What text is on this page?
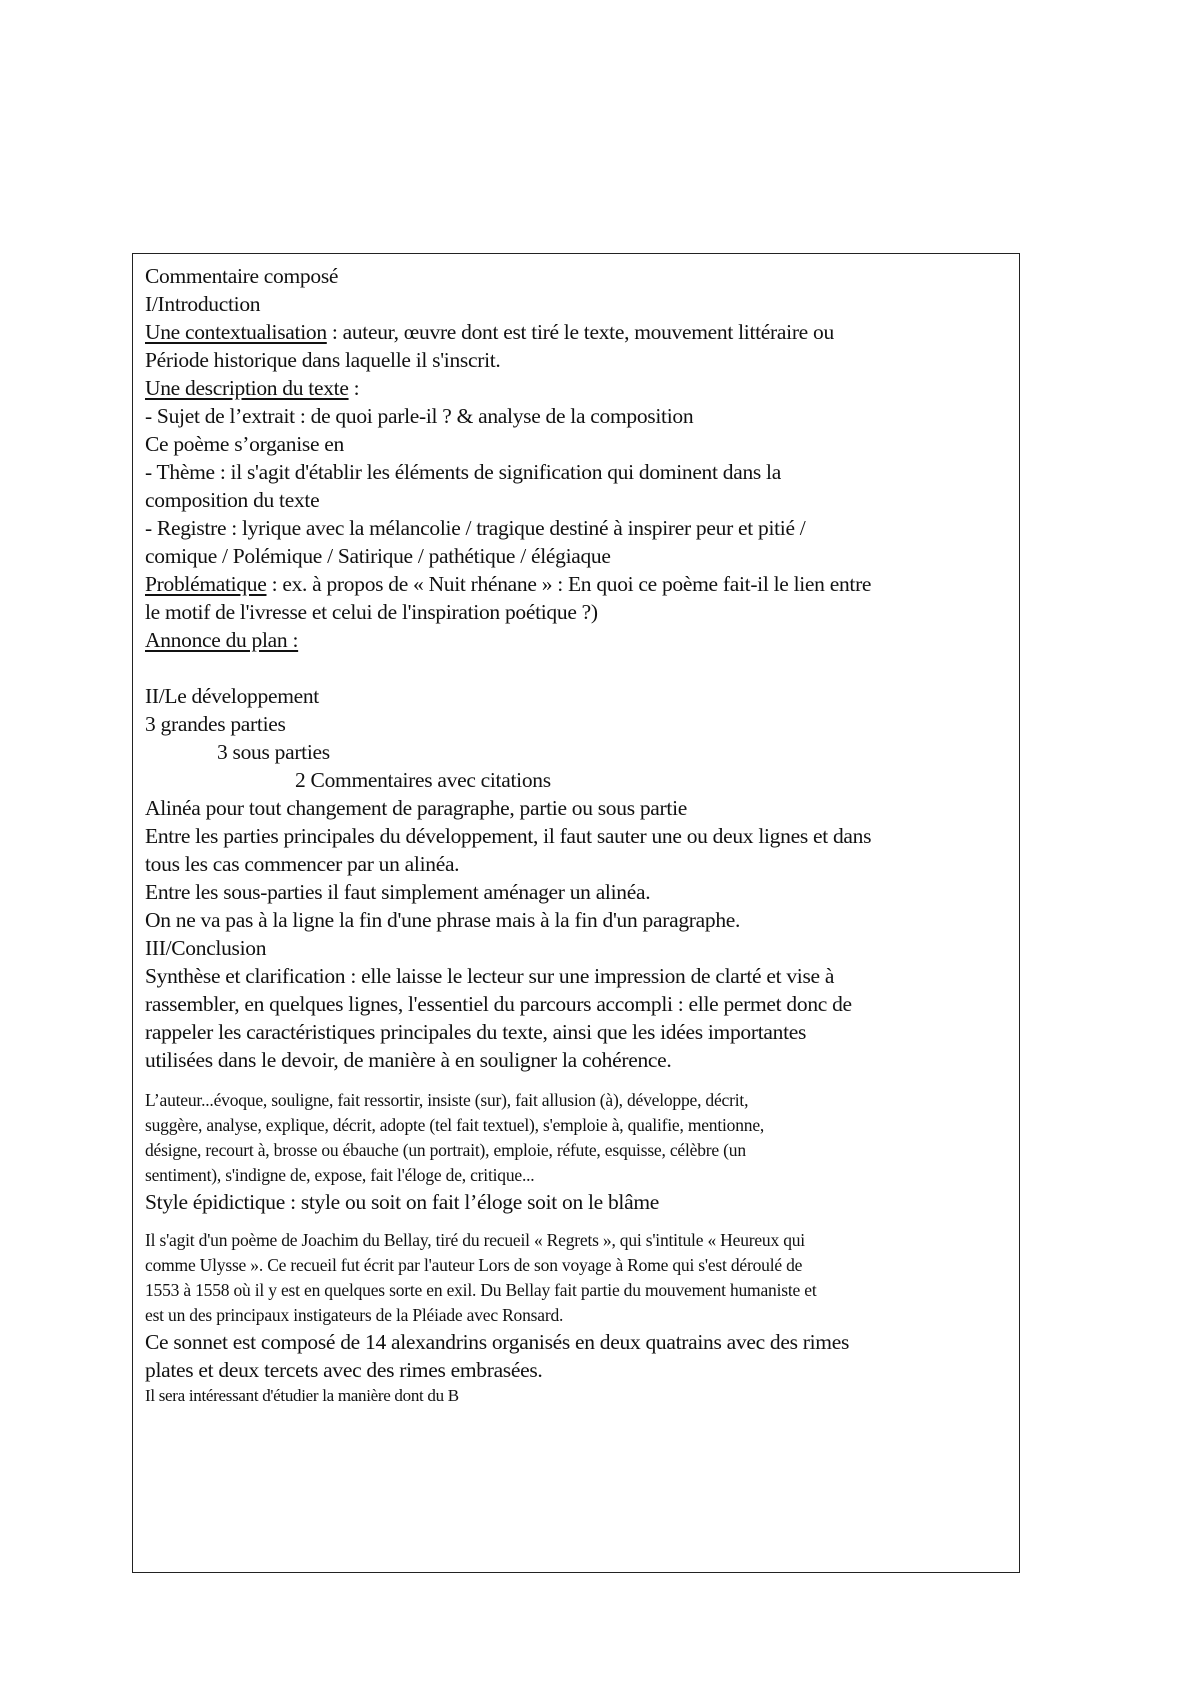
Commentaire composé
I/Introduction
Une contextualisation : auteur, œuvre dont est tiré le texte, mouvement littéraire ou
Période historique dans laquelle il s'inscrit.
Une description du texte :
- Sujet de l’extrait : de quoi parle-il ? & analyse de la composition
Ce poème s’organise en
- Thème : il s'agit d'établir les éléments de signification qui dominent dans la
composition du texte
- Registre : lyrique avec la mélancolie / tragique destiné à inspirer peur et pitié /
comique / Polémique / Satirique / pathétique / élégiaque
Problématique : ex. à propos de « Nuit rhénane » : En quoi ce poème fait-il le lien entre
le motif de l'ivresse et celui de l'inspiration poétique ?)
Annonce du plan :
II/Le développement
3 grandes parties
3 sous parties
2 Commentaires avec citations
Alinéa pour tout changement de paragraphe, partie ou sous partie
Entre les parties principales du développement, il faut sauter une ou deux lignes et dans
tous les cas commencer par un alinéa.
Entre les sous-parties il faut simplement aménager un alinéa.
On ne va pas à la ligne la fin d'une phrase mais à la fin d'un paragraphe.
III/Conclusion
Synthèse et clarification : elle laisse le lecteur sur une impression de clarté et vise à
rassembler, en quelques lignes, l'essentiel du parcours accompli : elle permet donc de
rappeler les caractéristiques principales du texte, ainsi que les idées importantes
utilisées dans le devoir, de manière à en souligner la cohérence.
L’auteur...évoque, souligne, fait ressortir, insiste (sur), fait allusion (à), développe, décrit,
suggère, analyse, explique, décrit, adopte (tel fait textuel), s'emploie à, qualifie, mentionne,
désigne, recourt à, brosse ou ébauche (un portrait), emploie, réfute, esquisse, célèbre (un
sentiment), s'indigne de, expose, fait l'éloge de, critique...
Style épidictique : style ou soit on fait l’éloge soit on le blâme
Il s'agit d'un poème de Joachim du Bellay, tiré du recueil « Regrets », qui s'intitule « Heureux qui
comme Ulysse ». Ce recueil fut écrit par l'auteur Lors de son voyage à Rome qui s'est déroulé de
1553 à 1558 où il y est en quelques sorte en exil. Du Bellay fait partie du mouvement humaniste et
est un des principaux instigateurs de la Pléiade avec Ronsard.
Ce sonnet est composé de 14 alexandrins organisés en deux quatrains avec des rimes
plates et deux tercets avec des rimes embrasées.
Il sera intéressant d'étudier la manière dont du B
